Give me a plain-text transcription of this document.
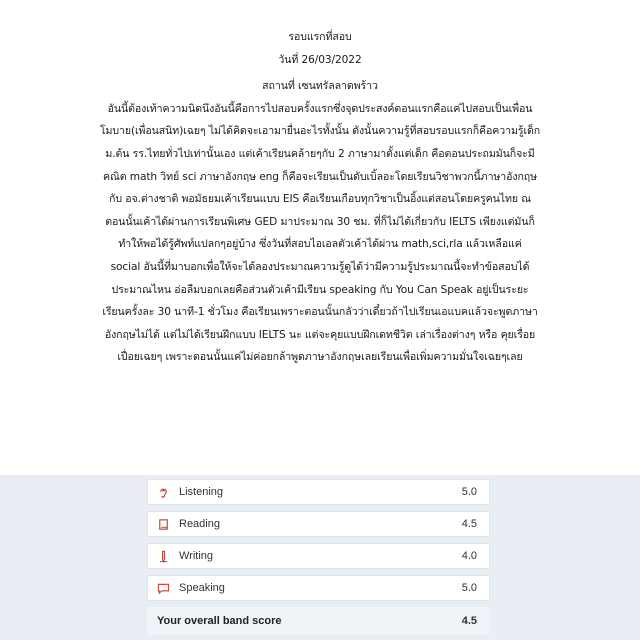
รอบแรกที่สอบ
วันที่ 26/03/2022
สถานที่ เซนทรัลลาดพร้าว
อันนี้ต้องเท้าความนิดนึงอันนี้คือการไปสอบครั้งแรกซึ่งจุดประสงค์ตอนแรกคือแค่ไปสอบเป็นเพื่อน
โมบาย(เพื่อนสนิท)เฉยๆ ไม่ได้คิดจะเอามายื่นอะไรทั้งนั้น ดังนั้นความรู้ที่สอบรอบแรกก็คือความรู้เด็ก
ม.ต้น รร.ไทยทั่วไปเท่านั้นเอง แต่เค้าเรียนคล้ายๆกับ 2 ภาษามาตั้งแต่เด็ก คือตอนประถมมันก็จะมี
คณิต math วิทย์ sci ภาษาอังกฤษ eng ก็คือจะเรียนเป็นดับเบิ้ลอะโดยเรียนวิชาพวกนี้ภาษาอังกฤษ
กับ อจ.ต่างชาติ พอมัธยมเค้าเรียนแบบ EIS คือเรียนเกือบทุกวิชาเป็นอิ้งแต่สอนโดยครูคนไทย ณ
ตอนนั้นเค้าได้ผ่านการเรียนพิเศษ GED มาประมาณ 30 ชม. ที่ก็ไม่ได้เกี่ยวกับ IELTS เพียงแต่มันก็
ทำให้พอได้รู้ศัพท์แปลกๆอยู่บ้าง ซึ่งวันที่สอบไอเอลตัวเค้าได้ผ่าน math,sci,rla แล้วเหลือแค่
social อันนี้ที่มาบอกเพื่อให้จะได้ลองประมาณความรู้ดูได้ว่ามีความรู้ประมาณนี้จะทำข้อสอบได้
ประมาณไหน อ่อลืมบอกเลยคือส่วนตัวเค้ามีเรียน speaking กับ You Can Speak อยู่เป็นระยะ
เรียนครั้งละ 30 นาที-1 ชั่วโมง คือเรียนเพราะตอนนั้นกลัวว่าเดี๋ยวถ้าไปเรียนเอแบคแล้วจะพูดภาษา
อังกฤษไม่ได้ แต่ไม่ได้เรียนฝึกแบบ IELTS นะ แต่จะคุยแบบฝึกเดทชีวิต เล่าเรื่องต่างๆ หรือ คุยเรื่อย
เปื่อยเฉยๆ เพราะตอนนั้นแค่ไม่ค่อยกล้าพูดภาษาอังกฤษเลยเรียนเพื่อเพิ่มความมั่นใจเฉยๆเลย
Listening	5.0
Reading	4.5
Writing	4.0
Speaking	5.0
Your overall band score	4.5
